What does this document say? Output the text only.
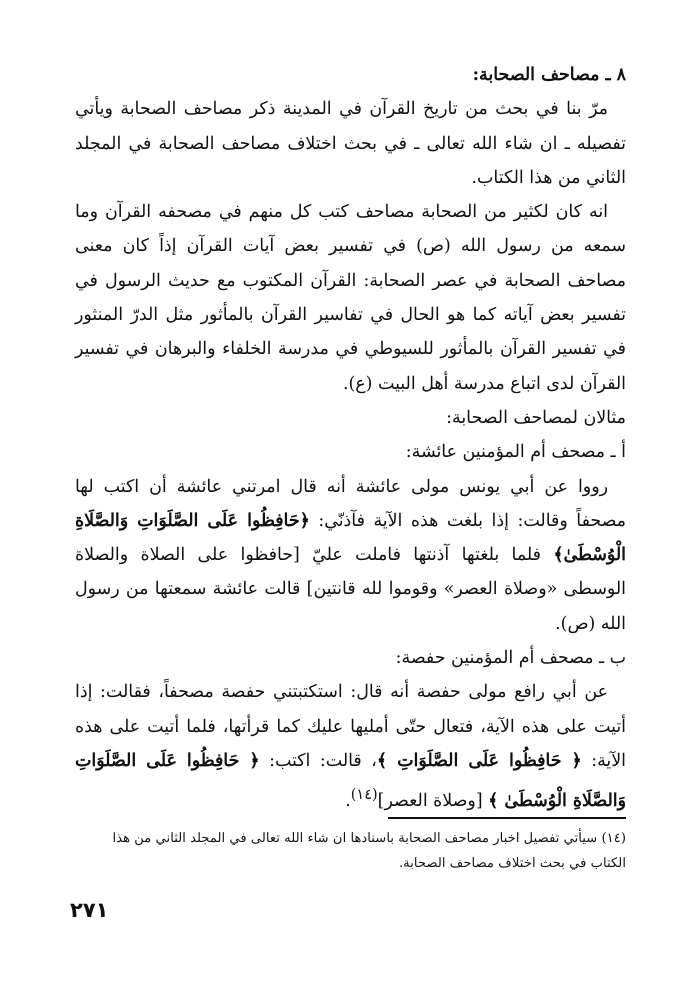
٨ ـ مصاحف الصحابة:

مرّ بنا في بحث من تاريخ القرآن في المدينة ذكر مصاحف الصحابة ويأتي تفصيله ـ ان شاء الله تعالى ـ في بحث اختلاف مصاحف الصحابة في المجلد الثاني من هذا الكتاب.

انه كان لكثير من الصحابة مصاحف كتب كل منهم في مصحفه القرآن وما سمعه من رسول الله (ص) في تفسير بعض آيات القرآن إذاً كان معنى مصاحف الصحابة في عصر الصحابة: القرآن المكتوب مع حديث الرسول في تفسير بعض آياته كما هو الحال في تفاسير القرآن بالمأثور مثل الدرّ المنثور في تفسير القرآن بالمأثور للسيوطي في مدرسة الخلفاء والبرهان في تفسير القرآن لدى اتباع مدرسة أهل البيت (ع).

مثالان لمصاحف الصحابة:

أ ـ مصحف أم المؤمنين عائشة:

رووا عن أبي يونس مولى عائشة أنه قال امرتني عائشة أن اكتب لها مصحفاً وقالت: إذا بلغت هذه الآية فآذنّي: ﴿حَافِظُوا عَلَى الصَّلَوَاتِ وَالصَّلَاةِ الْوُسْطَىٰ﴾ فلما بلغتها آذنتها فاملت عليّ [حافظوا على الصلاة والصلاة الوسطى «وصلاة العصر» وقوموا لله قانتين] قالت عائشة سمعتها من رسول الله (ص).

ب ـ مصحف أم المؤمنين حفصة:

عن أبي رافع مولى حفصة أنه قال: استكتبتني حفصة مصحفاً، فقالت: إذا أتيت على هذه الآية، فتعال حتّى أمليها عليك كما قرأتها، فلما أتيت على هذه الآية: ﴿ حَافِظُوا عَلَى الصَّلَوَاتِ ﴾، قالت: اكتب: ﴿ حَافِظُوا عَلَى الصَّلَوَاتِ وَالصَّلَاةِ الْوُسْطَىٰ ﴾ [وصلاة العصر]$^{(١٤)}$.

(١٤) سيأتي تفصيل اخبار مصاحف الصحابة باسنادها ان شاء الله تعالى في المجلد الثاني من هذا الكتاب في بحث اختلاف مصاحف الصحابة.

٢٧١
